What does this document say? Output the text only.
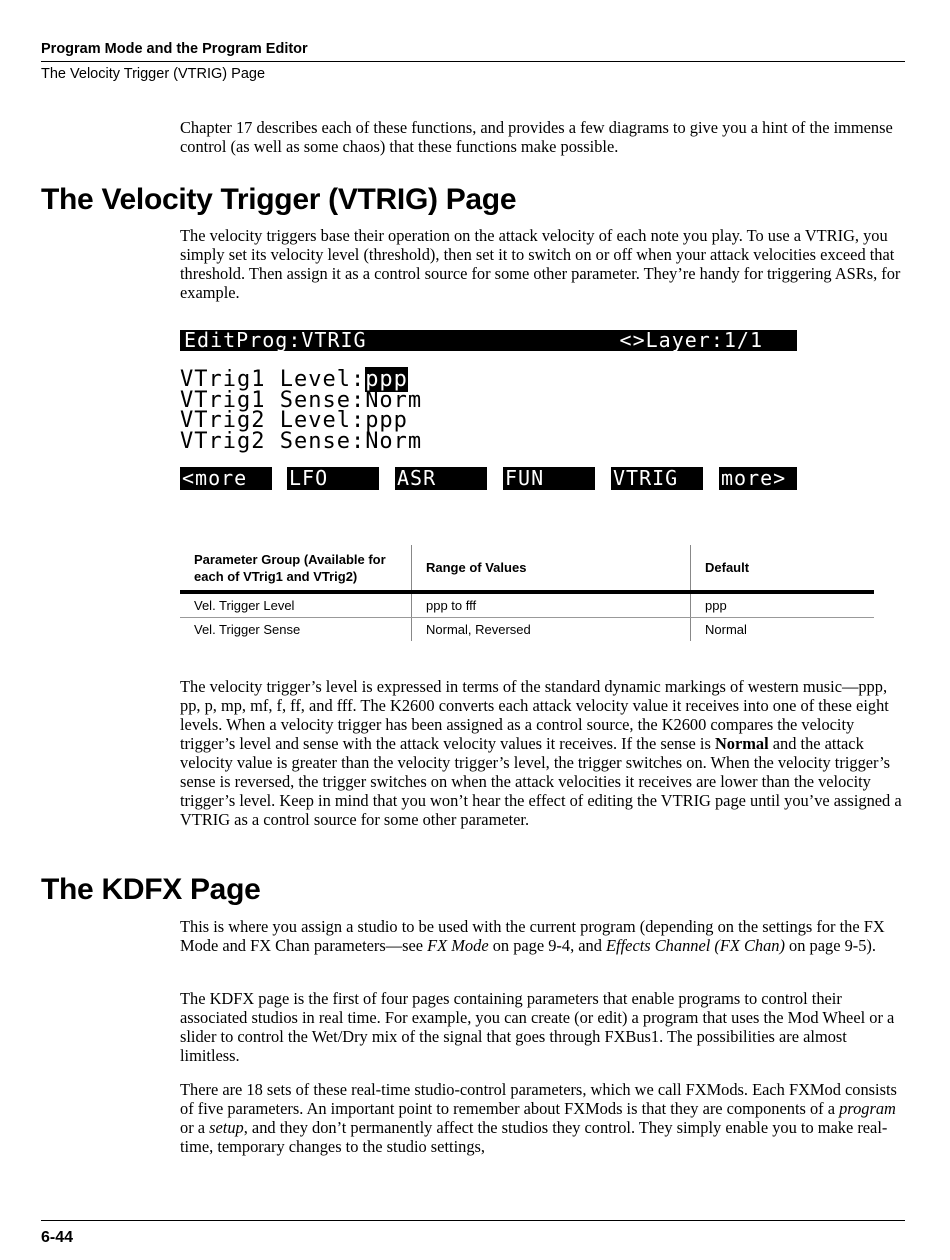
Program Mode and the Program Editor
The Velocity Trigger (VTRIG) Page

Chapter 17 describes each of these functions, and provides a few diagrams to give you a hint of the immense control (as well as some chaos) that these functions make possible.

The Velocity Trigger (VTRIG) Page

The velocity triggers base their operation on the attack velocity of each note you play. To use a VTRIG, you simply set its velocity level (threshold), then set it to switch on or off when your attack velocities exceed that threshold. Then assign it as a control source for some other parameter. They’re handy for triggering ASRs, for example.

EditProg:VTRIG	<>Layer:1/1
VTrig1 Level:ppp
VTrig1 Sense:Norm
VTrig2 Level:ppp
VTrig2 Sense:Norm
<more	LFO	ASR	FUN	VTRIG	more>
Parameter Group (Available for each of VTrig1 and VTrig2)	Range of Values	Default
Vel. Trigger Level	ppp to fff	ppp
Vel. Trigger Sense	Normal, Reversed	Normal

The velocity trigger’s level is expressed in terms of the standard dynamic markings of western music—ppp, pp, p, mp, mf, f, ff, and fff. The K2600 converts each attack velocity value it receives into one of these eight levels. When a velocity trigger has been assigned as a control source, the K2600 compares the velocity trigger’s level and sense with the attack velocity values it receives. If the sense is Normal and the attack velocity value is greater than the velocity trigger’s level, the trigger switches on. When the velocity trigger’s sense is reversed, the trigger switches on when the attack velocities it receives are lower than the velocity trigger’s level. Keep in mind that you won’t hear the effect of editing the VTRIG page until you’ve assigned a VTRIG as a control source for some other parameter.

The KDFX Page

This is where you assign a studio to be used with the current program (depending on the settings for the FX Mode and FX Chan parameters—see FX Mode on page 9-4, and Effects Channel (FX Chan) on page 9-5).

The KDFX page is the first of four pages containing parameters that enable programs to control their associated studios in real time. For example, you can create (or edit) a program that uses the Mod Wheel or a slider to control the Wet/Dry mix of the signal that goes through FXBus1. The possibilities are almost limitless.

There are 18 sets of these real-time studio-control parameters, which we call FXMods. Each FXMod consists of five parameters. An important point to remember about FXMods is that they are components of a program or a setup, and they don’t permanently affect the studios they control. They simply enable you to make real-time, temporary changes to the studio settings,

6-44
